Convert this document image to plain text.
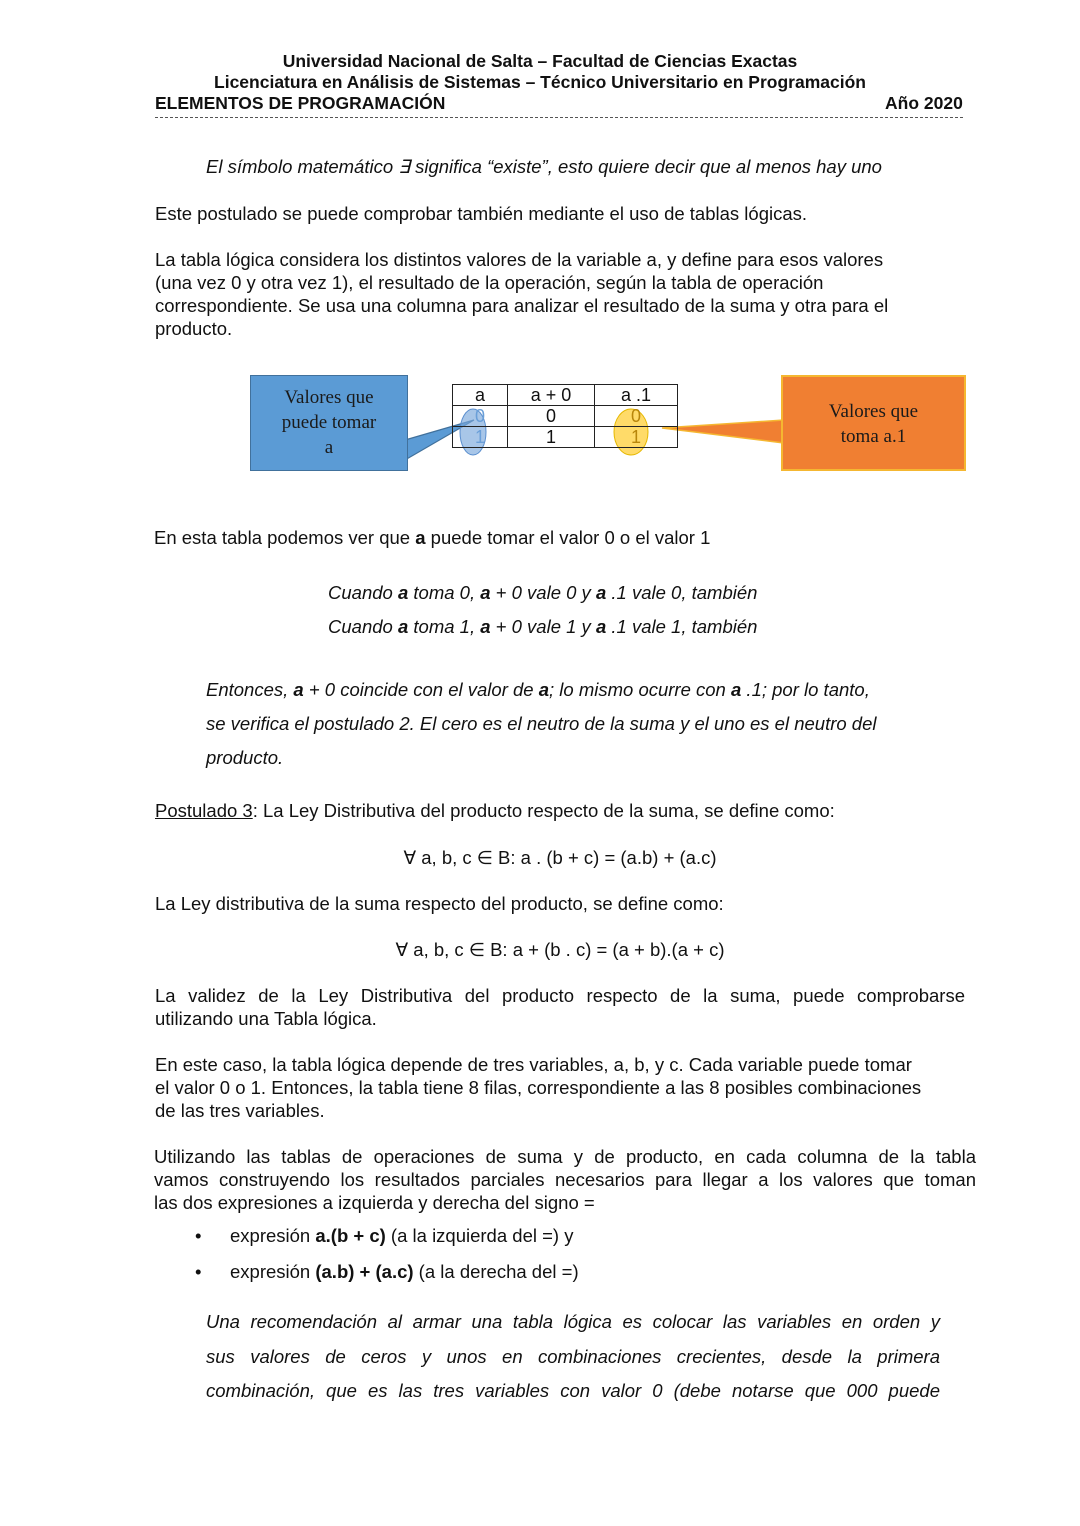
Universidad Nacional de Salta – Facultad de Ciencias Exactas
Licenciatura en Análisis de Sistemas – Técnico Universitario en Programación
ELEMENTOS DE PROGRAMACIÓN	Año 2020
El símbolo matemático ∃ significa “existe”, esto quiere decir que al menos hay uno
Este postulado se puede comprobar también mediante el uso de tablas lógicas.
La tabla lógica considera los distintos valores de la variable a, y define para esos valores
(una vez 0 y otra vez 1), el resultado de la operación, según la tabla de operación
correspondiente. Se usa una columna para analizar el resultado de la suma y otra para el
producto.
Valores que
puede tomar
a
a	a + 0	a .1
0	0	0
1	1	1
Valores que
toma a.1
En esta tabla podemos ver que a puede tomar el valor 0 o el valor 1
Cuando a toma 0, a + 0 vale 0 y a .1 vale 0, también
Cuando a toma 1, a + 0 vale 1 y a .1 vale 1, también
Entonces, a + 0 coincide con el valor de a; lo mismo ocurre con a .1; por lo tanto,
se verifica el postulado 2. El cero es el neutro de la suma y el uno es el neutro del
producto.
Postulado 3: La Ley Distributiva del producto respecto de la suma, se define como:
∀ a, b, c ∈ B: a . (b + c) = (a.b) + (a.c)
La Ley distributiva de la suma respecto del producto, se define como:
∀ a, b, c ∈ B: a + (b . c) = (a + b).(a + c)
La validez de la Ley Distributiva del producto respecto de la suma, puede comprobarse
utilizando una Tabla lógica.
En este caso, la tabla lógica depende de tres variables, a, b, y c. Cada variable puede tomar
el valor 0 o 1. Entonces, la tabla tiene 8 filas, correspondiente a las 8 posibles combinaciones
de las tres variables.
Utilizando las tablas de operaciones de suma y de producto, en cada columna de la tabla
vamos construyendo los resultados parciales necesarios para llegar a los valores que toman
las dos expresiones a izquierda y derecha del signo =
• expresión a.(b + c) (a la izquierda del =) y
• expresión (a.b) + (a.c) (a la derecha del =)
Una recomendación al armar una tabla lógica es colocar las variables en orden y
sus valores de ceros y unos en combinaciones crecientes, desde la primera
combinación, que es las tres variables con valor 0 (debe notarse que 000 puede
